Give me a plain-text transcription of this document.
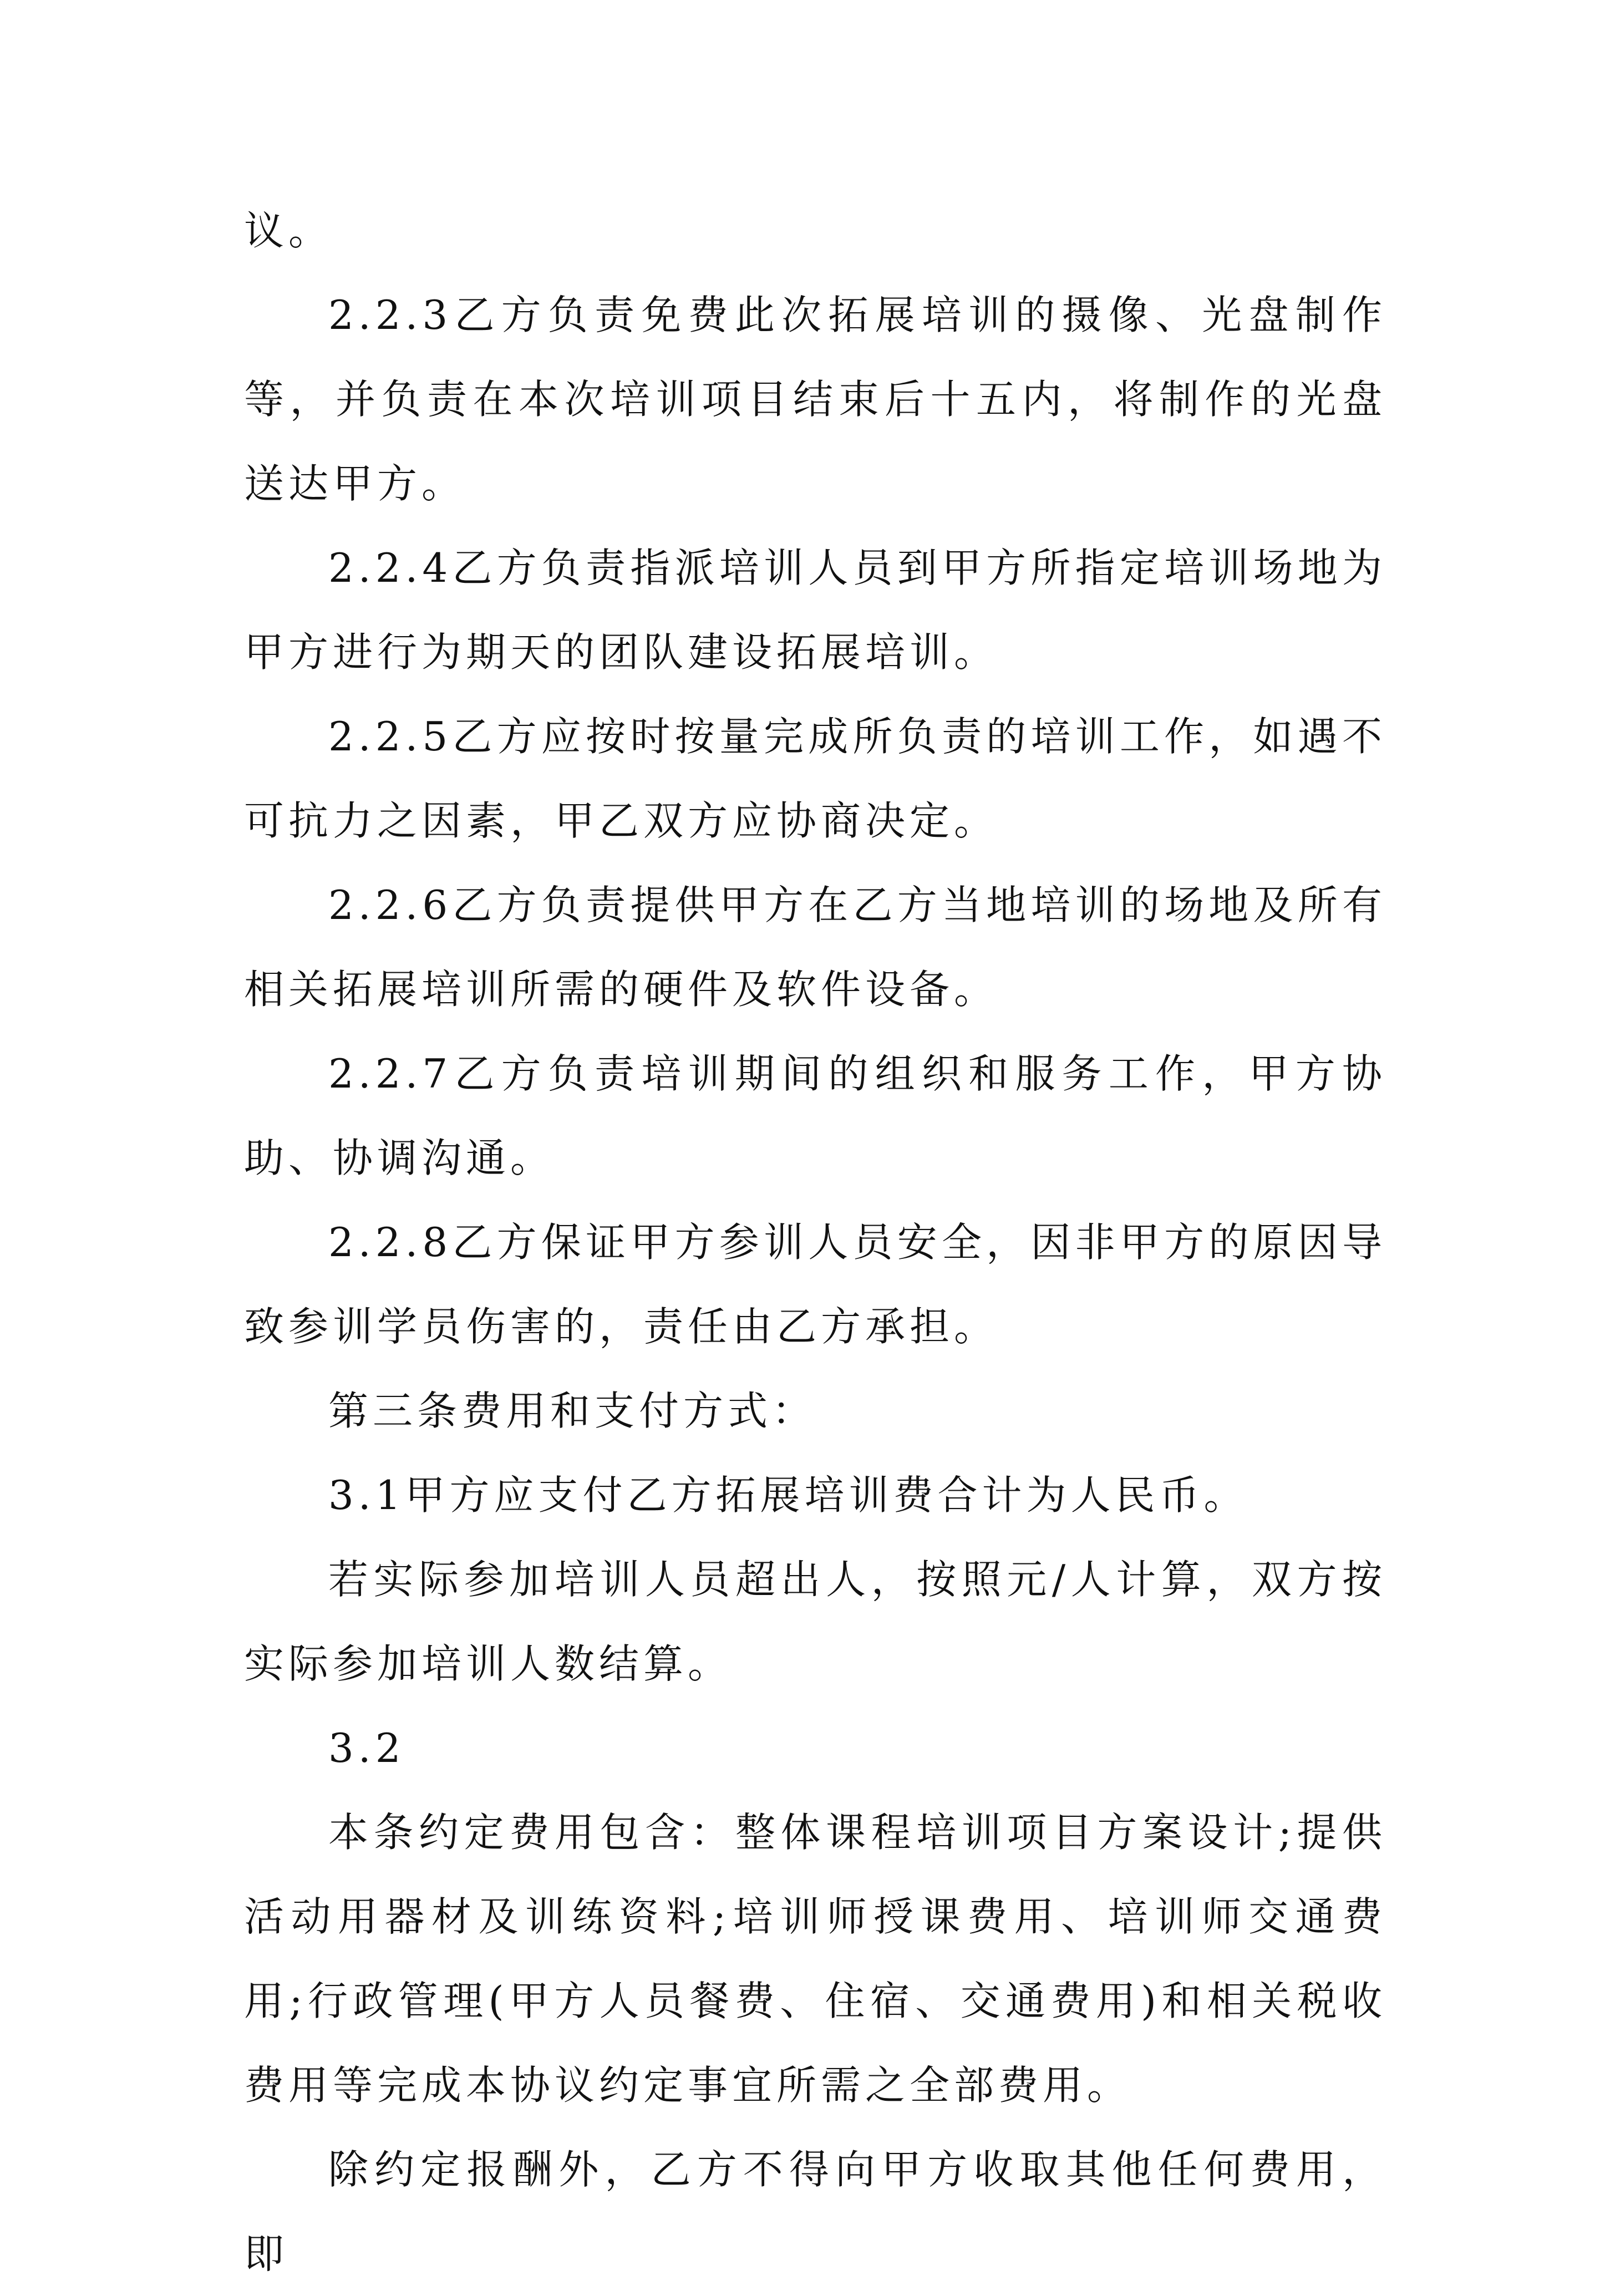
议。

2.2.3乙方负责免费此次拓展培训的摄像、光盘制作等，并负责在本次培训项目结束后十五内，将制作的光盘送达甲方。

2.2.4乙方负责指派培训人员到甲方所指定培训场地为甲方进行为期天的团队建设拓展培训。

2.2.5乙方应按时按量完成所负责的培训工作，如遇不可抗力之因素，甲乙双方应协商决定。

2.2.6乙方负责提供甲方在乙方当地培训的场地及所有相关拓展培训所需的硬件及软件设备。

2.2.7乙方负责培训期间的组织和服务工作，甲方协助、协调沟通。

2.2.8乙方保证甲方参训人员安全，因非甲方的原因导致参训学员伤害的，责任由乙方承担。

第三条费用和支付方式：

3.1甲方应支付乙方拓展培训费合计为人民币。

若实际参加培训人员超出人，按照元/人计算，双方按实际参加培训人数结算。

3.2

本条约定费用包含：整体课程培训项目方案设计;提供活动用器材及训练资料;培训师授课费用、培训师交通费用;行政管理(甲方人员餐费、住宿、交通费用)和相关税收费用等完成本协议约定事宜所需之全部费用。

除约定报酬外，乙方不得向甲方收取其他任何费用，即
